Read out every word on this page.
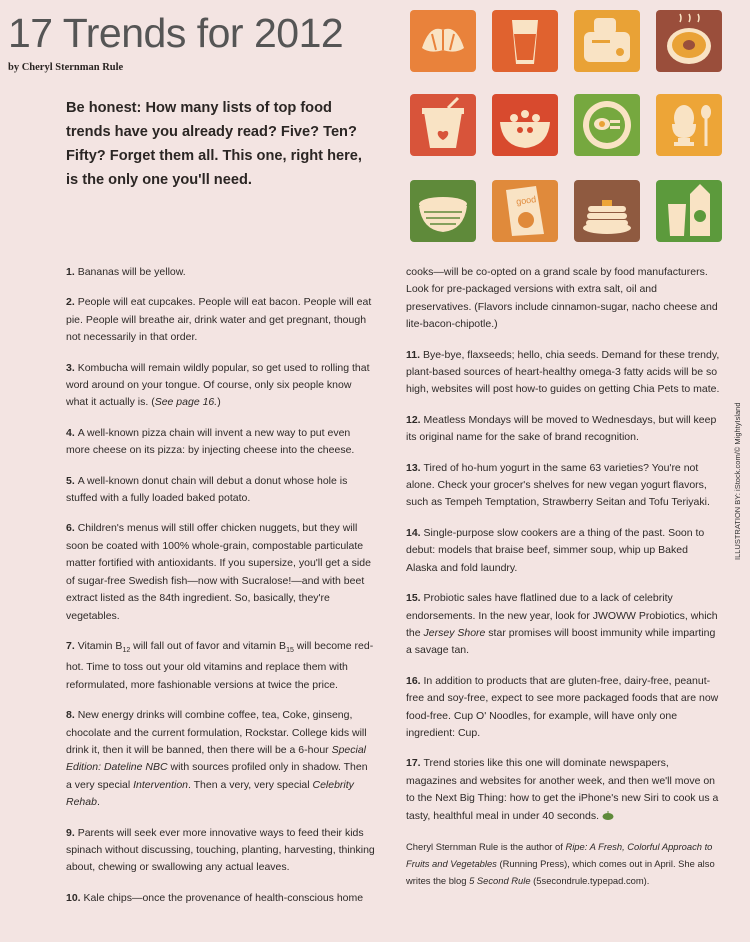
17 Trends for 2012
by Cheryl Sternman Rule
Be honest: How many lists of top food trends have you already read? Five? Ten? Fifty? Forget them all. This one, right here, is the only one you'll need.
good

1. Bananas will be yellow.

2. People will eat cupcakes. People will eat bacon. People will eat pie. People will breathe air, drink water and get pregnant, though not necessarily in that order.

3. Kombucha will remain wildly popular, so get used to rolling that word around on your tongue. Of course, only six people know what it actually is. (See page 16.)

4. A well-known pizza chain will invent a new way to put even more cheese on its pizza: by injecting cheese into the cheese.

5. A well-known donut chain will debut a donut whose hole is stuffed with a fully loaded baked potato.

6. Children's menus will still offer chicken nuggets, but they will soon be coated with 100% whole-grain, compostable particulate matter fortified with antioxidants. If you supersize, you'll get a side of sugar-free Swedish fish—now with Sucralose!—and with beet extract listed as the 84th ingredient. So, basically, they're vegetables.

7. Vitamin $B_{12}$ will fall out of favor and vitamin $B_{15}$ will become red-hot. Time to toss out your old vitamins and replace them with reformulated, more fashionable versions at twice the price.

8. New energy drinks will combine coffee, tea, Coke, ginseng, chocolate and the current formulation, Rockstar. College kids will drink it, then it will be banned, then there will be a 6-hour Special Edition: Dateline NBC with sources profiled only in shadow. Then a very special Intervention. Then a very, very special Celebrity Rehab.

9. Parents will seek ever more innovative ways to feed their kids spinach without discussing, touching, planting, harvesting, thinking about, chewing or swallowing any actual leaves.

10. Kale chips—once the provenance of health-conscious home

cooks—will be co-opted on a grand scale by food manufacturers. Look for pre-packaged versions with extra salt, oil and preservatives. (Flavors include cinnamon-sugar, nacho cheese and lite-bacon-chipotle.)

11. Bye-bye, flaxseeds; hello, chia seeds. Demand for these trendy, plant-based sources of heart-healthy omega-3 fatty acids will be so high, websites will post how-to guides on getting Chia Pets to mate.

12. Meatless Mondays will be moved to Wednesdays, but will keep its original name for the sake of brand recognition.

13. Tired of ho-hum yogurt in the same 63 varieties? You're not alone. Check your grocer's shelves for new vegan yogurt flavors, such as Tempeh Temptation, Strawberry Seitan and Tofu Teriyaki.

14. Single-purpose slow cookers are a thing of the past. Soon to debut: models that braise beef, simmer soup, whip up Baked Alaska and fold laundry.

15. Probiotic sales have flatlined due to a lack of celebrity endorsements. In the new year, look for JWOWW Probiotics, which the Jersey Shore star promises will boost immunity while imparting a savage tan.

16. In addition to products that are gluten-free, dairy-free, peanut-free and soy-free, expect to see more packaged foods that are now food-free. Cup O' Noodles, for example, will have only one ingredient: Cup.

17. Trend stories like this one will dominate newspapers, magazines and websites for another week, and then we'll move on to the Next Big Thing: how to get the iPhone's new Siri to cook us a tasty, healthful meal in under 40 seconds.

Cheryl Sternman Rule is the author of Ripe: A Fresh, Colorful Approach to Fruits and Vegetables (Running Press), which comes out in April. She also writes the blog 5 Second Rule (5secondrule.typepad.com).

ILLUSTRATION BY: iStock.com/© MightyIsland
